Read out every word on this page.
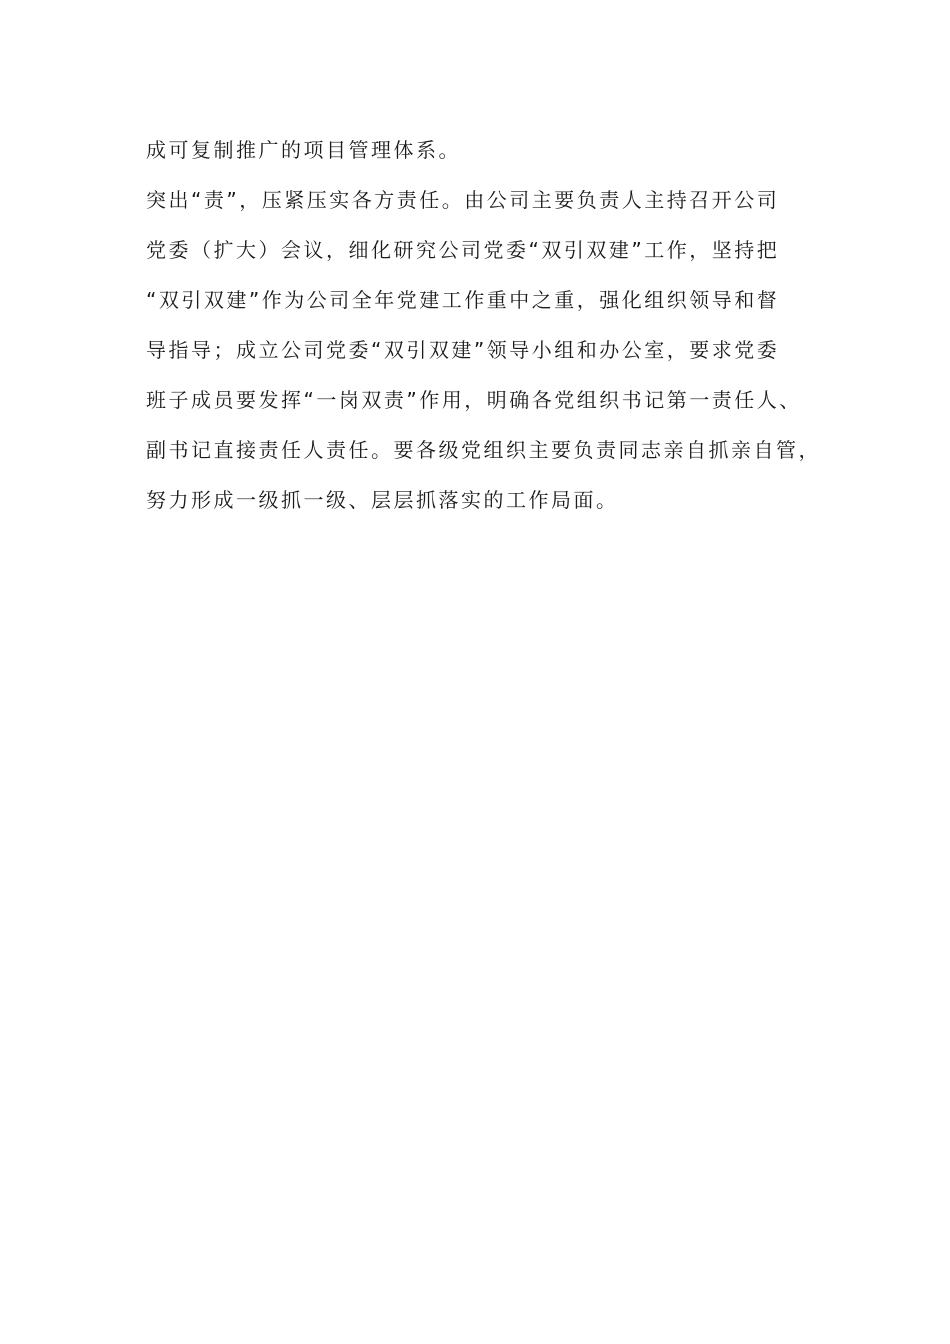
成可复制推广的项目管理体系。
突出“责”，压紧压实各方责任。由公司主要负责人主持召开公司
党委（扩大）会议，细化研究公司党委“双引双建”工作，坚持把
“双引双建”作为公司全年党建工作重中之重，强化组织领导和督
导指导；成立公司党委“双引双建”领导小组和办公室，要求党委
班子成员要发挥“一岗双责”作用，明确各党组织书记第一责任人、
副书记直接责任人责任。要各级党组织主要负责同志亲自抓亲自管，
努力形成一级抓一级、层层抓落实的工作局面。
